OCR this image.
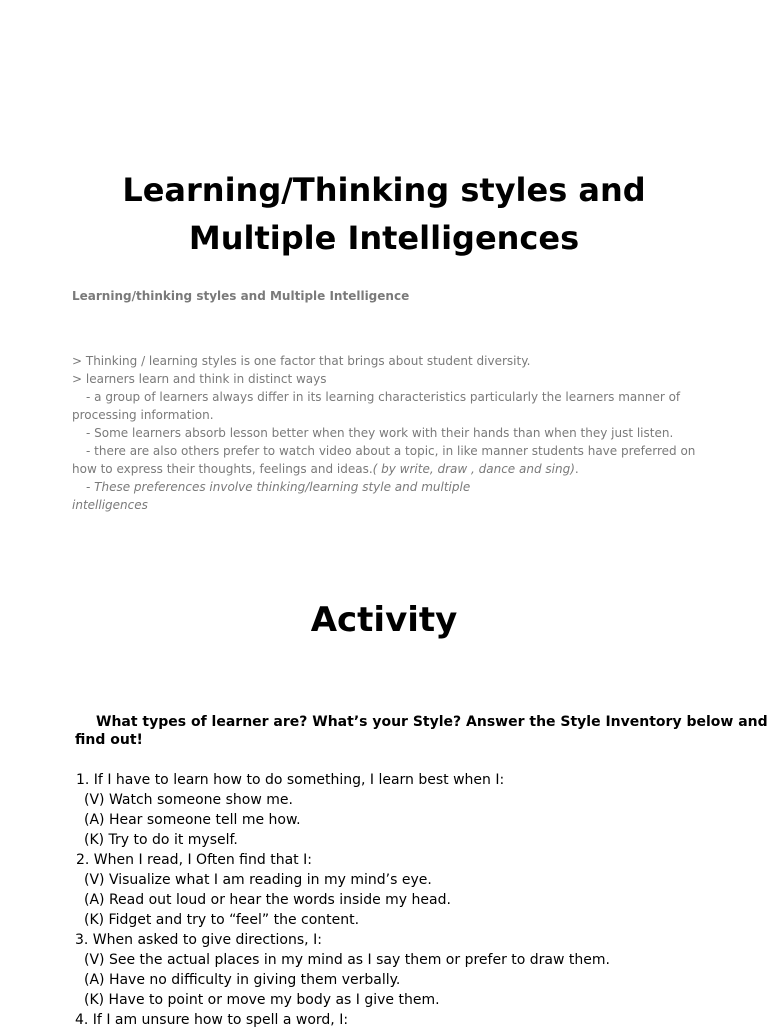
Learning/Thinking styles and
Multiple Intelligences
Learning/thinking styles and Multiple Intelligence
> Thinking / learning styles is one factor that brings about student diversity.
> learners learn and think in distinct ways
- a group of learners always differ in its learning characteristics particularly the learners manner of
processing information.
- Some learners absorb lesson better when they work with their hands than when they just listen.
- there are also others prefer to watch video about a topic, in like manner students have preferred on
how to express their thoughts, feelings and ideas.( by write, draw , dance and sing).
- These preferences involve thinking/learning style and multiple
intelligences
Activity
What types of learner are? What’s your Style? Answer the Style Inventory below and
find out!
1. If I have to learn how to do something, I learn best when I:
(V) Watch someone show me.
(A) Hear someone tell me how.
(K) Try to do it myself.
2. When I read, I Often find that I:
(V) Visualize what I am reading in my mind’s eye.
(A) Read out loud or hear the words inside my head.
(K) Fidget and try to “feel” the content.
3. When asked to give directions, I:
(V) See the actual places in my mind as I say them or prefer to draw them.
(A) Have no difficulty in giving them verbally.
(K) Have to point or move my body as I give them.
4. If I am unsure how to spell a word, I:
